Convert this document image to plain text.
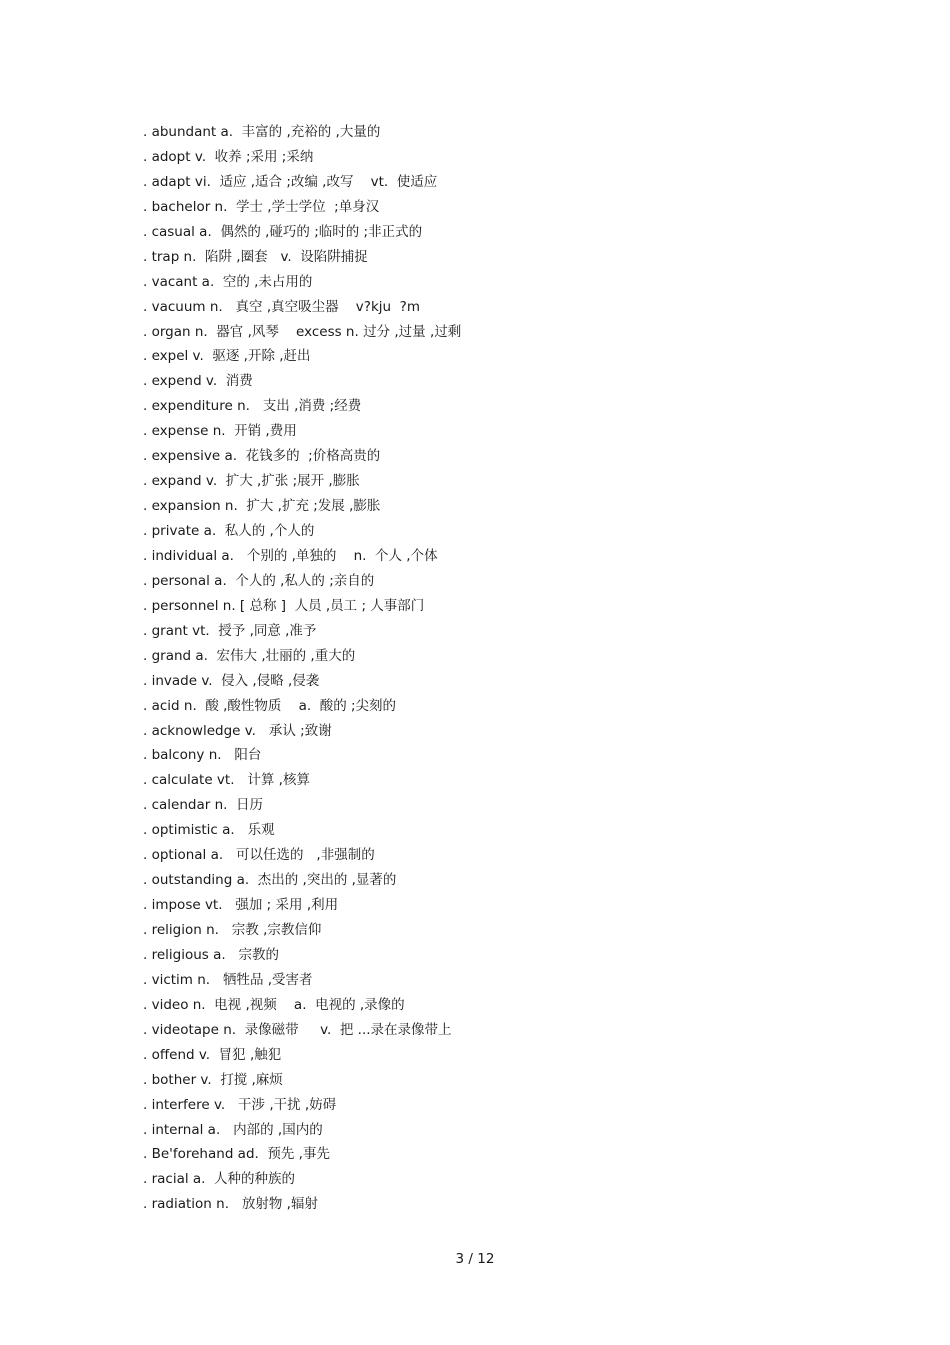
. abundant a.  丰富的 ,充裕的 ,大量的
. adopt v.  收养 ;采用 ;采纳
. adapt vi.  适应 ,适合 ;改编 ,改写    vt.  使适应
. bachelor n.  学士 ,学士学位  ;单身汉
. casual a.  偶然的 ,碰巧的 ;临时的 ;非正式的
. trap n.  陷阱 ,圈套   v.  设陷阱捕捉
. vacant a.  空的 ,未占用的
. vacuum n.   真空 ,真空吸尘器    v?kju  ?m
. organ n.  器官 ,风琴    excess n. 过分 ,过量 ,过剩
. expel v.  驱逐 ,开除 ,赶出
. expend v.  消费
. expenditure n.   支出 ,消费 ;经费
. expense n.  开销 ,费用
. expensive a.  花钱多的  ;价格高贵的
. expand v.  扩大 ,扩张 ;展开 ,膨胀
. expansion n.  扩大 ,扩充 ;发展 ,膨胀
. private a.  私人的 ,个人的
. individual a.   个别的 ,单独的    n.  个人 ,个体
. personal a.  个人的 ,私人的 ;亲自的
. personnel n. [ 总称 ]  人员 ,员工 ; 人事部门
. grant vt.  授予 ,同意 ,准予
. grand a.  宏伟大 ,壮丽的 ,重大的
. invade v.  侵入 ,侵略 ,侵袭
. acid n.  酸 ,酸性物质    a.  酸的 ;尖刻的
. acknowledge v.   承认 ;致谢
. balcony n.   阳台
. calculate vt.   计算 ,核算
. calendar n.  日历
. optimistic a.   乐观
. optional a.   可以任选的   ,非强制的
. outstanding a.  杰出的 ,突出的 ,显著的
. impose vt.   强加 ; 采用 ,利用
. religion n.   宗教 ,宗教信仰
. religious a.   宗教的
. victim n.   牺牲品 ,受害者
. video n.  电视 ,视频    a.  电视的 ,录像的
. videotape n.  录像磁带     v.  把 ...录在录像带上
. offend v.  冒犯 ,触犯
. bother v.  打搅 ,麻烦
. interfere v.   干涉 ,干扰 ,妨碍
. internal a.   内部的 ,国内的
. Be'forehand ad.  预先 ,事先
. racial a.  人种的种族的
. radiation n.   放射物 ,辐射
3 / 12
